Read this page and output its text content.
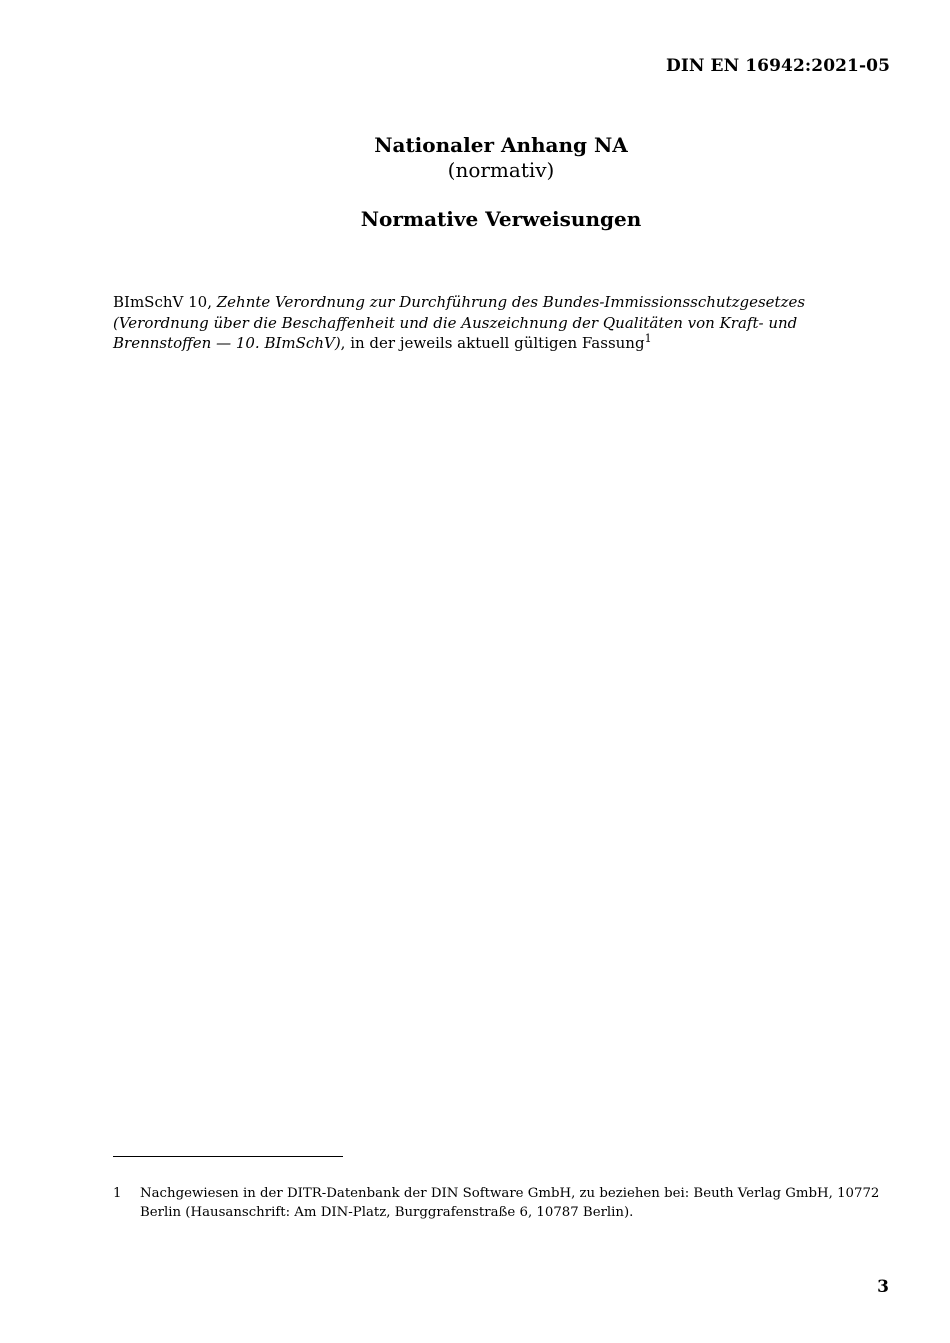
DIN EN 16942:2021-05
Nationaler Anhang NA
(normativ)
Normative Verweisungen
BImSchV 10, Zehnte Verordnung zur Durchführung des Bundes-Immissionsschutzgesetzes (Verordnung über die Beschaffenheit und die Auszeichnung der Qualitäten von Kraft- und Brennstoffen — 10. BImSchV), in der jeweils aktuell gültigen Fassung$^1$
1 Nachgewiesen in der DITR-Datenbank der DIN Software GmbH, zu beziehen bei: Beuth Verlag GmbH, 10772 Berlin (Hausanschrift: Am DIN-Platz, Burggrafenstraße 6, 10787 Berlin).
3
